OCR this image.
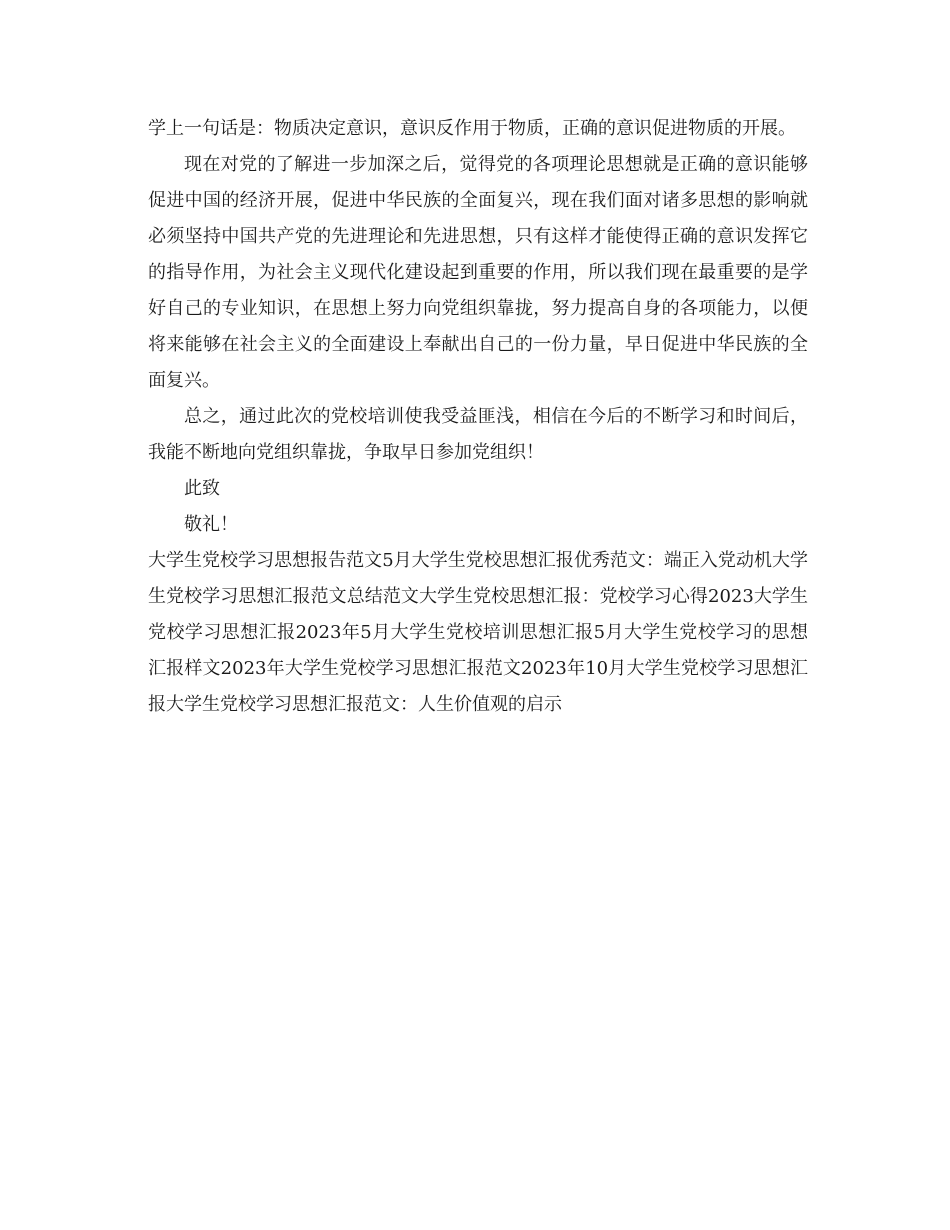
学上一句话是：物质决定意识，意识反作用于物质，正确的意识促进物质的开展。

现在对党的了解进一步加深之后，觉得党的各项理论思想就是正确的意识能够促进中国的经济开展，促进中华民族的全面复兴，现在我们面对诸多思想的影响就必须坚持中国共产党的先进理论和先进思想，只有这样才能使得正确的意识发挥它的指导作用，为社会主义现代化建设起到重要的作用，所以我们现在最重要的是学好自己的专业知识，在思想上努力向党组织靠拢，努力提高自身的各项能力，以便将来能够在社会主义的全面建设上奉献出自己的一份力量，早日促进中华民族的全面复兴。

总之，通过此次的党校培训使我受益匪浅，相信在今后的不断学习和时间后，我能不断地向党组织靠拢，争取早日参加党组织！

此致

敬礼！

大学生党校学习思想报告范文5月大学生党校思想汇报优秀范文：端正入党动机大学生党校学习思想汇报范文总结范文大学生党校思想汇报：党校学习心得2023大学生党校学习思想汇报2023年5月大学生党校培训思想汇报5月大学生党校学习的思想汇报样文2023年大学生党校学习思想汇报范文2023年10月大学生党校学习思想汇报大学生党校学习思想汇报范文：人生价值观的启示
